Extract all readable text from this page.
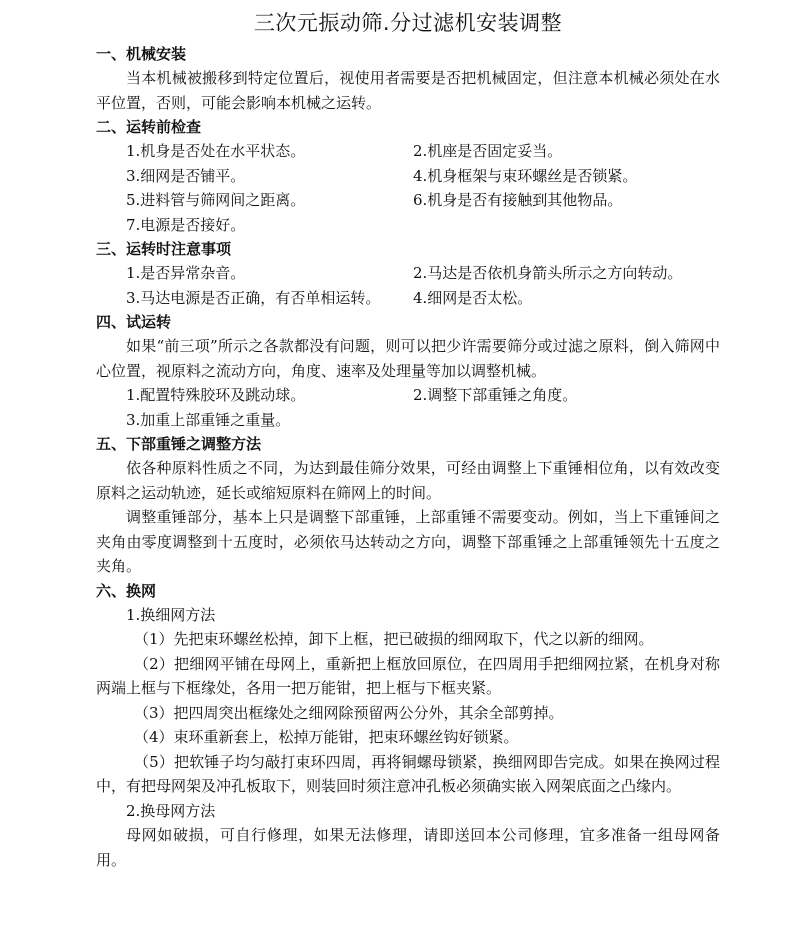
三次元振动筛.分过滤机安装调整
一、机械安装

当本机械被搬移到特定位置后，视使用者需要是否把机械固定，但注意本机械必须处在水平位置，否则，可能会影响本机械之运转。

二、运转前检查
1.机身是否处在水平状态。	2.机座是否固定妥当。
3.细网是否铺平。	4.机身框架与束环螺丝是否锁紧。
5.进料管与筛网间之距离。	6.机身是否有接触到其他物品。

7.电源是否接好。

三、运转时注意事项
1.是否异常杂音。	2.马达是否依机身箭头所示之方向转动。
3.马达电源是否正确，有否单相运转。	4.细网是否太松。
四、试运转

如果“前三项”所示之各款都没有问题，则可以把少许需要筛分或过滤之原料，倒入筛网中心位置，视原料之流动方向，角度、速率及处理量等加以调整机械。

1.配置特殊胶环及跳动球。	2.调整下部重锤之角度。

3.加重上部重锤之重量。

五、下部重锤之调整方法

依各种原料性质之不同，为达到最佳筛分效果，可经由调整上下重锤相位角，以有效改变原料之运动轨迹，延长或缩短原料在筛网上的时间。

调整重锤部分，基本上只是调整下部重锤，上部重锤不需要变动。例如，当上下重锤间之夹角由零度调整到十五度时，必须依马达转动之方向，调整下部重锤之上部重锤领先十五度之夹角。

六、换网

1.换细网方法

（1）先把束环螺丝松掉，卸下上框，把已破损的细网取下，代之以新的细网。

（2）把细网平铺在母网上，重新把上框放回原位，在四周用手把细网拉紧，在机身对称两端上框与下框缘处，各用一把万能钳，把上框与下框夹紧。

（3）把四周突出框缘处之细网除预留两公分外，其余全部剪掉。

（4）束环重新套上，松掉万能钳，把束环螺丝钩好锁紧。

（5）把软锤子均匀敲打束环四周，再将铜螺母锁紧，换细网即告完成。如果在换网过程中，有把母网架及冲孔板取下，则装回时须注意冲孔板必须确实嵌入网架底面之凸缘内。

2.换母网方法

母网如破损，可自行修理，如果无法修理，请即送回本公司修理，宜多准备一组母网备用。
